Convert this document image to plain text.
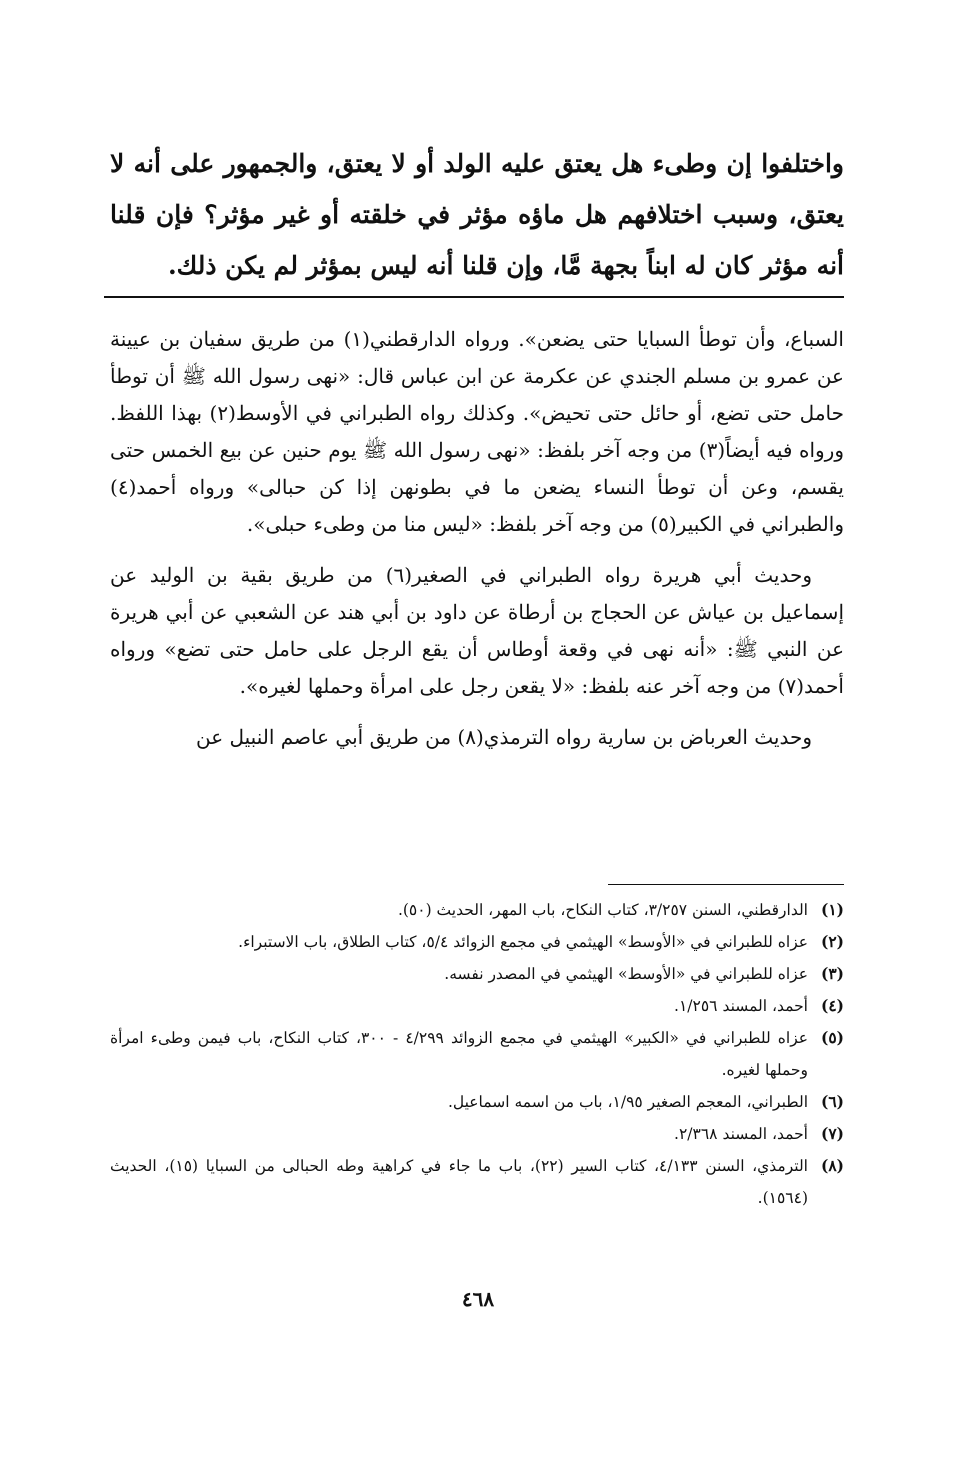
واختلفوا إن وطىء هل يعتق عليه الولد أو لا يعتق، والجمهور على أنه لا يعتق، وسبب اختلافهم هل ماؤه مؤثر في خلقته أو غير مؤثر؟ فإن قلنا أنه مؤثر كان له ابناً بجهة مَّا، وإن قلنا أنه ليس بمؤثر لم يكن ذلك.

السباع، وأن توطأ السبايا حتى يضعن». ورواه الدارقطني(١) من طريق سفيان بن عيينة عن عمرو بن مسلم الجندي عن عكرمة عن ابن عباس قال: «نهى رسول الله ﷺ أن توطأ حامل حتى تضع، أو حائل حتى تحيض». وكذلك رواه الطبراني في الأوسط(٢) بهذا اللفظ. ورواه فيه أيضاً(٣) من وجه آخر بلفظ: «نهى رسول الله ﷺ يوم حنين عن بيع الخمس حتى يقسم، وعن أن توطأ النساء يضعن ما في بطونهن إذا كن حبالى» ورواه أحمد(٤) والطبراني في الكبير(٥) من وجه آخر بلفظ: «ليس منا من وطىء حبلى».

وحديث أبي هريرة رواه الطبراني في الصغير(٦) من طريق بقية بن الوليد عن إسماعيل بن عياش عن الحجاج بن أرطاة عن داود بن أبي هند عن الشعبي عن أبي هريرة عن النبي ﷺ: «أنه نهى في وقعة أوطاس أن يقع الرجل على حامل حتى تضع» ورواه أحمد(٧) من وجه آخر عنه بلفظ: «لا يقعن رجل على امرأة وحملها لغيره».

وحديث العرباض بن سارية رواه الترمذي(٨) من طريق أبي عاصم النبيل عن

(١)
الدارقطني، السنن ٣/٢٥٧، كتاب النكاح، باب المهر، الحديث (٥٠).
(٢)
عزاه للطبراني في «الأوسط» الهيثمي في مجمع الزوائد ٥/٤، كتاب الطلاق، باب الاستبراء.
(٣)
عزاه للطبراني في «الأوسط» الهيثمي في المصدر نفسه.
(٤)
أحمد، المسند ١/٢٥٦.
(٥)
عزاه للطبراني في «الكبير» الهيثمي في مجمع الزوائد ٤/٢٩٩ - ٣٠٠، كتاب النكاح، باب فيمن وطىء امرأة وحملها لغيره.
(٦)
الطبراني، المعجم الصغير ١/٩٥، باب من اسمه اسماعيل.
(٧)
أحمد، المسند ٢/٣٦٨.
(٨)
الترمذي، السنن ٤/١٣٣، كتاب السير (٢٢)، باب ما جاء في كراهية وطه الحبالى من السبايا (١٥)، الحديث (١٥٦٤).
٤٦٨
